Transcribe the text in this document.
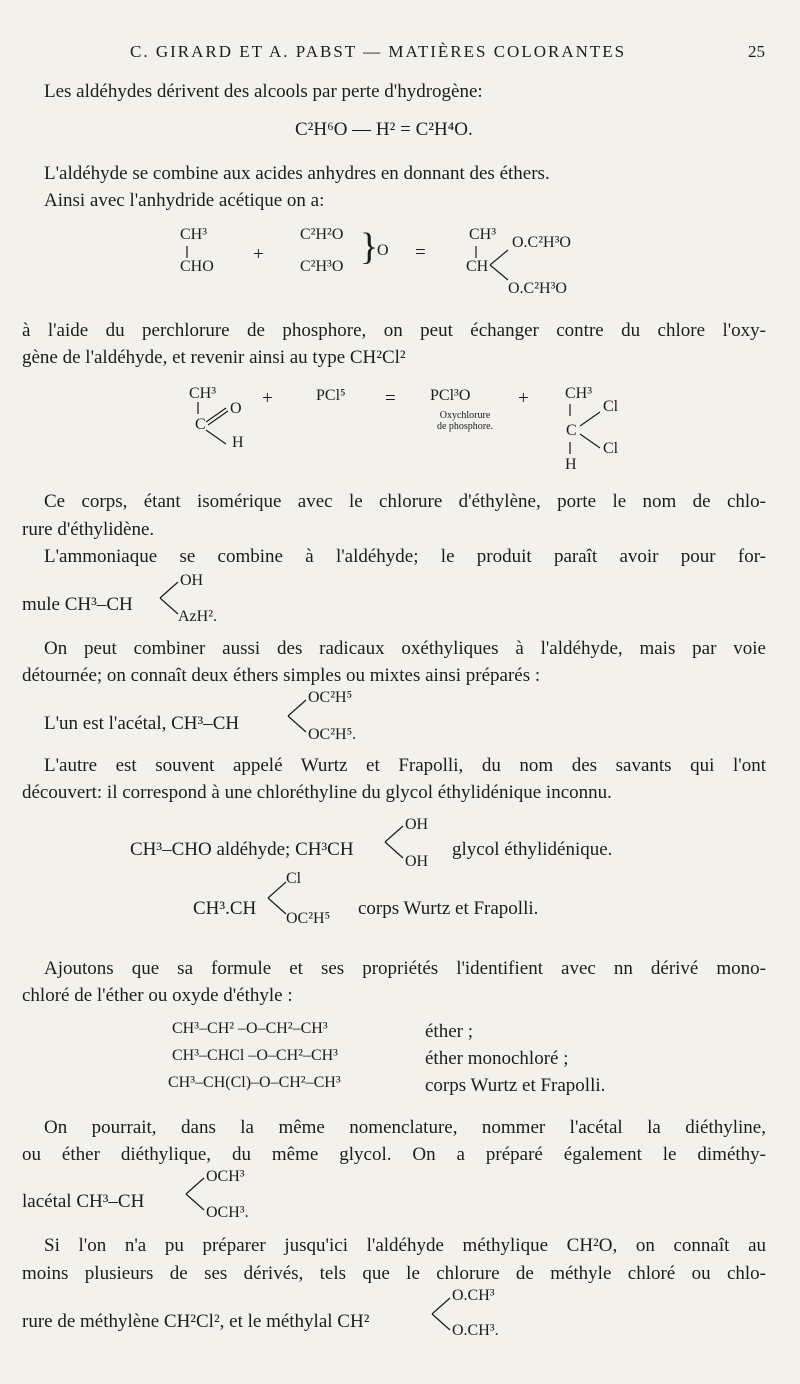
C. GIRARD ET A. PABST — MATIÈRES COLORANTES	25
Les aldéhydes dérivent des alcools par perte d'hydrogène:
C²H⁶O — H² = C²H⁴O.
L'aldéhyde se combine aux acides anhydres en donnant des éthers.
Ainsi avec l'anhydride acétique on a:
CH³
CHO
+
C²H²O
C²H³O }
O =
CH³
CH
O.C²H³O
O.C²H³O
à l'aide du perchlorure de phosphore, on peut échanger contre du chlore l'oxy-
gène de l'aldéhyde, et revenir ainsi au type CH²Cl²
CH³
O
C
H
+	PCl⁵ = PCl³O
Oxychlorure
de phosphore.
+ CH³
Cl
C
Cl
H
Ce corps, étant isomérique avec le chlorure d'éthylène, porte le nom de chlo-
rure d'éthylidène.
L'ammoniaque se combine à l'aldéhyde; le produit paraît avoir pour for-
mule CH³–CH
OH
AzH².
On peut combiner aussi des radicaux oxéthyliques à l'aldéhyde, mais par voie
détournée; on connaît deux éthers simples ou mixtes ainsi préparés :
L'un est l'acétal, CH³–CH
OC²H⁵
OC²H⁵.
L'autre est souvent appelé Wurtz et Frapolli, du nom des savants qui l'ont
découvert: il correspond à une chloréthyline du glycol éthylidénique inconnu.
CH³–CHO aldéhyde; CH³CH
OH
OH
glycol éthylidénique.
CH³.CH
Cl
OC²H⁵ corps Wurtz et Frapolli.
Ajoutons que sa formule et ses propriétés l'identifient avec nn dérivé mono-
chloré de l'éther ou oxyde d'éthyle :
CH³–CH² –O–CH²–CH³	éther ;
CH³–CHCl –O–CH²–CH³	éther monochloré ;
CH³–CH(Cl)–O–CH²–CH³	corps Wurtz et Frapolli.
On pourrait, dans la même nomenclature, nommer l'acétal la diéthyline,
ou éther diéthylique, du même glycol. On a préparé également le diméthy-
lacétal CH³–CH
OCH³
OCH³.
Si l'on n'a pu préparer jusqu'ici l'aldéhyde méthylique CH²O, on connaît au
moins plusieurs de ses dérivés, tels que le chlorure de méthyle chloré ou chlo-
rure de méthylène CH²Cl², et le méthylal CH²
O.CH³
O.CH³.
